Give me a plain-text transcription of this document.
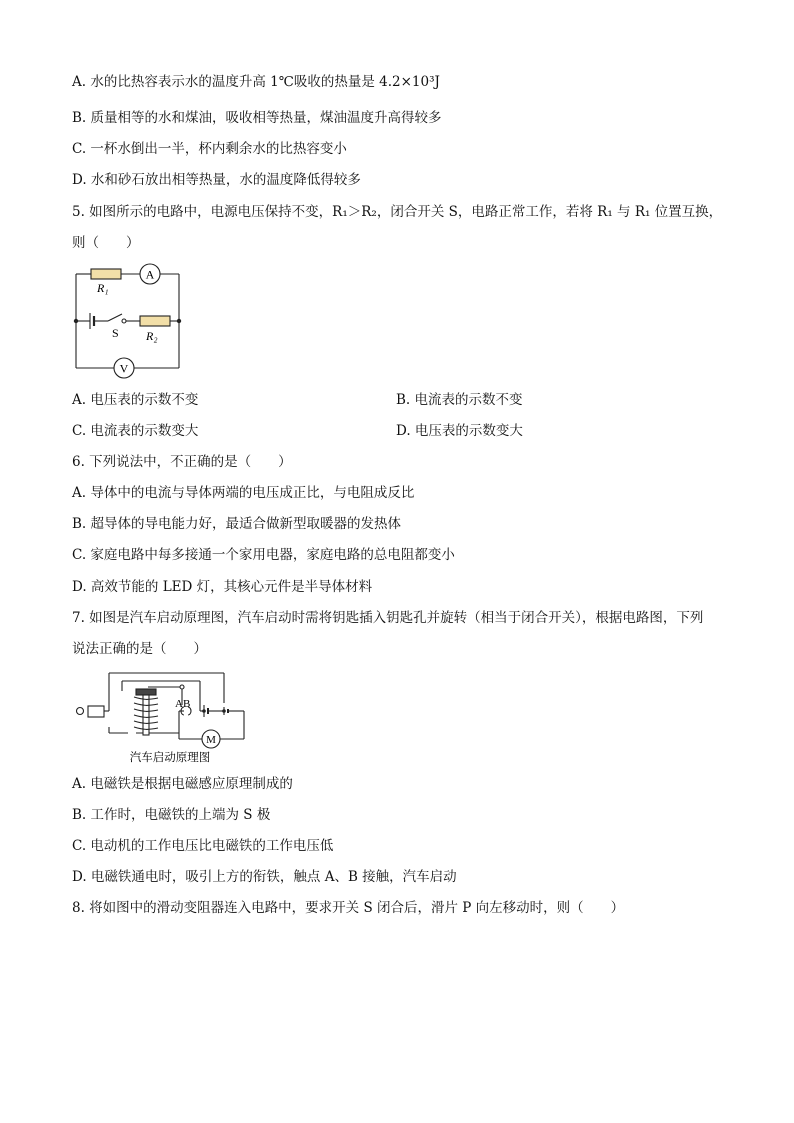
A. 水的比热容表示水的温度升高 1℃吸收的热量是 4.2×10³J
B. 质量相等的水和煤油，吸收相等热量，煤油温度升高得较多
C. 一杯水倒出一半，杯内剩余水的比热容变小
D. 水和砂石放出相等热量，水的温度降低得较多
5. 如图所示的电路中，电源电压保持不变，R₁＞R₂，闭合开关 S，电路正常工作，若将 R₁ 与 R₁ 位置互换，
则（　　）
A
V
R₁
R₂
S
A. 电压表的示数不变	B. 电流表的示数不变
C. 电流表的示数变大	D. 电压表的示数变大
6. 下列说法中，不正确的是（　　）
A. 导体中的电流与导体两端的电压成正比，与电阻成反比
B. 超导体的导电能力好，最适合做新型取暖器的发热体
C. 家庭电路中每多接通一个家用电器，家庭电路的总电阻都变小
D. 高效节能的 LED 灯，其核心元件是半导体材料
7. 如图是汽车启动原理图，汽车启动时需将钥匙插入钥匙孔并旋转（相当于闭合开关），根据电路图，下列
说法正确的是（　　）
AB
M
汽车启动原理图
A. 电磁铁是根据电磁感应原理制成的
B. 工作时，电磁铁的上端为 S 极
C. 电动机的工作电压比电磁铁的工作电压低
D. 电磁铁通电时，吸引上方的衔铁，触点 A、B 接触，汽车启动
8. 将如图中的滑动变阻器连入电路中，要求开关 S 闭合后，滑片 P 向左移动时，则（　　）
